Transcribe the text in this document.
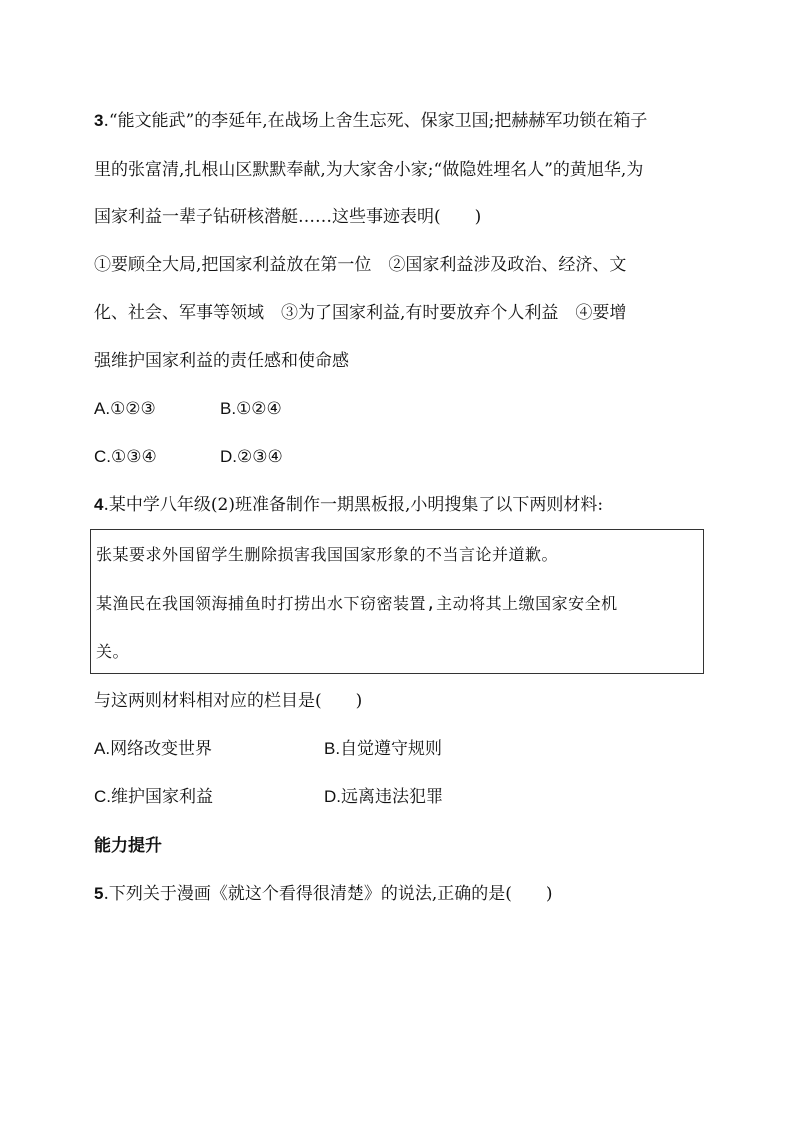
3.“能文能武”的李延年,在战场上舍生忘死、保家卫国;把赫赫军功锁在箱子
里的张富清,扎根山区默默奉献,为大家舍小家;“做隐姓埋名人”的黄旭华,为
国家利益一辈子钻研核潜艇……这些事迹表明(　　)
①要顾全大局,把国家利益放在第一位　②国家利益涉及政治、经济、文
化、社会、军事等领域　③为了国家利益,有时要放弃个人利益　④要增
强维护国家利益的责任感和使命感
A.①②③	B.①②④
C.①③④	D.②③④
4.某中学八年级(2)班准备制作一期黑板报,小明搜集了以下两则材料:
张某要求外国留学生删除损害我国国家形象的不当言论并道歉。
某渔民在我国领海捕鱼时打捞出水下窃密装置,主动将其上缴国家安全机
关。
与这两则材料相对应的栏目是(　　)
A.网络改变世界	B.自觉遵守规则
C.维护国家利益	D.远离违法犯罪
能力提升
5.下列关于漫画《就这个看得很清楚》的说法,正确的是(　　)
